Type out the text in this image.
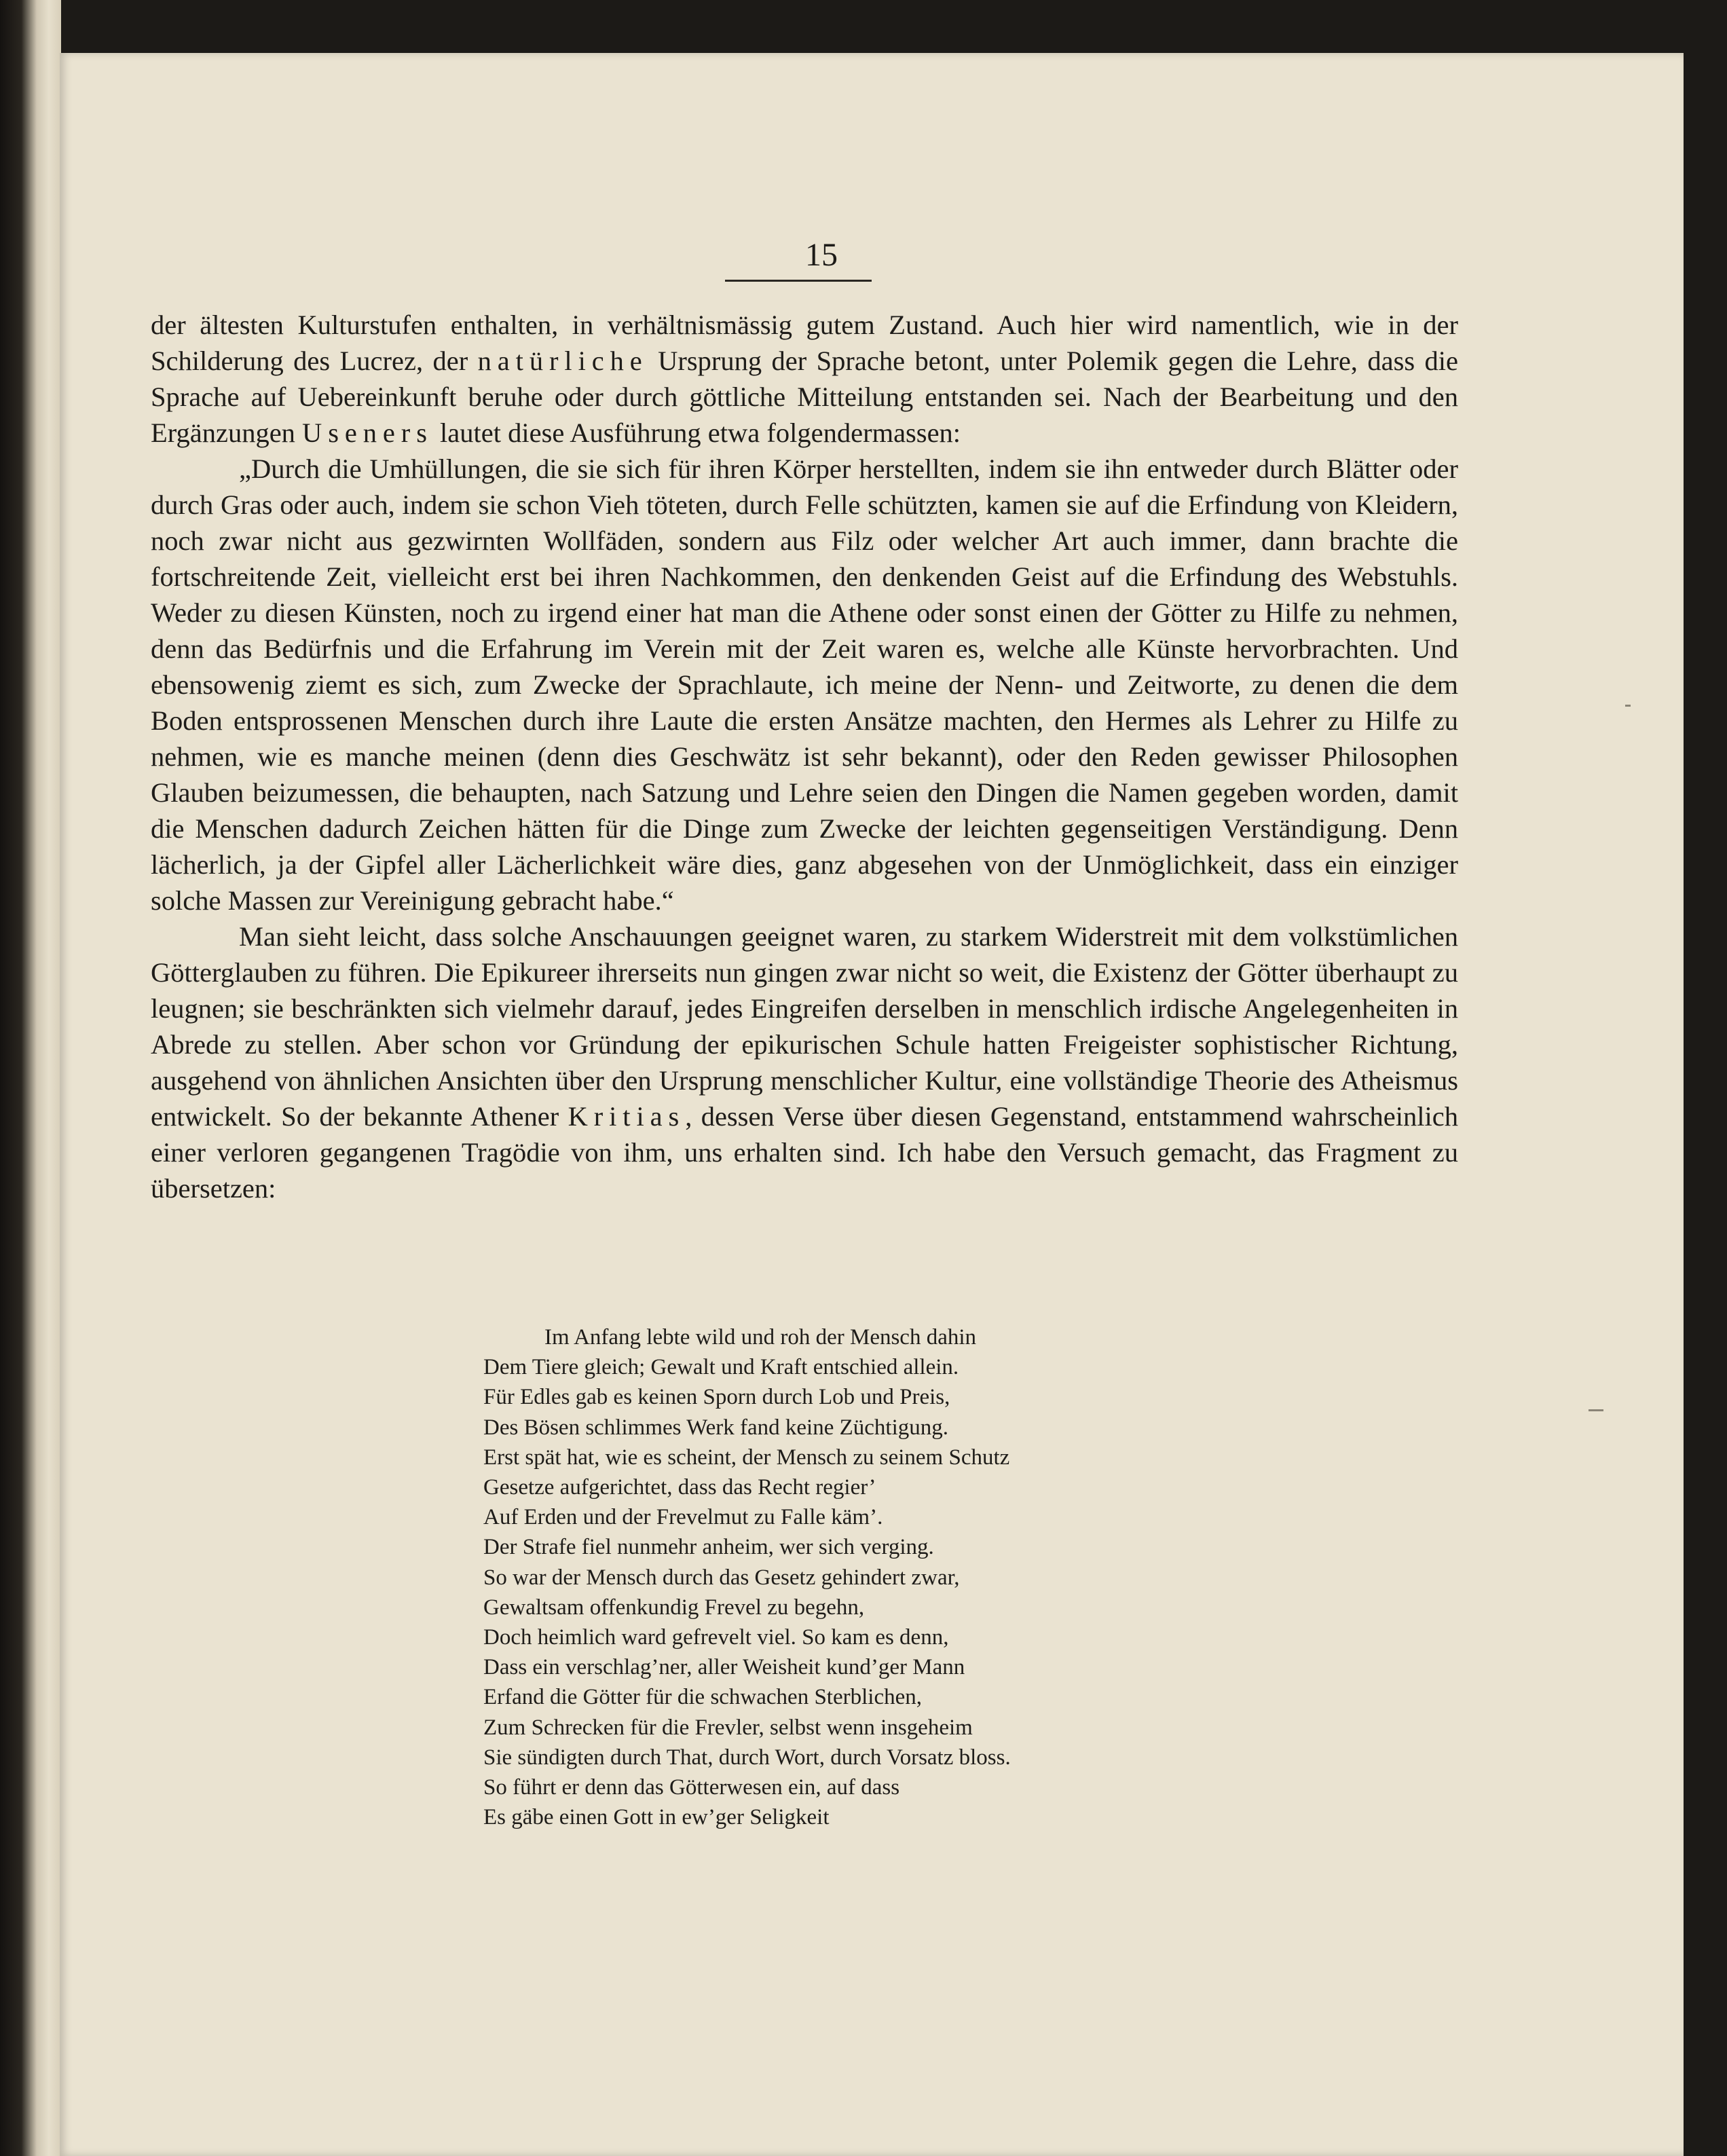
15

der ältesten Kulturstufen enthalten, in verhältnismässig gutem Zustand. Auch hier wird namentlich, wie in der Schilderung des Lucrez, der natürliche Ursprung der Sprache betont, unter Polemik gegen die Lehre, dass die Sprache auf Uebereinkunft beruhe oder durch göttliche Mitteilung entstanden sei. Nach der Bearbeitung und den Ergänzungen Useners lautet diese Ausführung etwa folgendermassen:

„Durch die Umhüllungen, die sie sich für ihren Körper herstellten, indem sie ihn entweder durch Blätter oder durch Gras oder auch, indem sie schon Vieh töteten, durch Felle schützten, kamen sie auf die Erfindung von Kleidern, noch zwar nicht aus gezwirnten Wollfäden, sondern aus Filz oder welcher Art auch immer, dann brachte die fortschreitende Zeit, vielleicht erst bei ihren Nachkommen, den denkenden Geist auf die Erfindung des Webstuhls. Weder zu diesen Künsten, noch zu irgend einer hat man die Athene oder sonst einen der Götter zu Hilfe zu nehmen, denn das Bedürfnis und die Erfahrung im Verein mit der Zeit waren es, welche alle Künste hervorbrachten. Und ebensowenig ziemt es sich, zum Zwecke der Sprachlaute, ich meine der Nenn- und Zeitworte, zu denen die dem Boden entsprossenen Menschen durch ihre Laute die ersten Ansätze machten, den Hermes als Lehrer zu Hilfe zu nehmen, wie es manche meinen (denn dies Geschwätz ist sehr bekannt), oder den Reden gewisser Philosophen Glauben beizumessen, die behaupten, nach Satzung und Lehre seien den Dingen die Namen gegeben worden, damit die Menschen dadurch Zeichen hätten für die Dinge zum Zwecke der leichten gegenseitigen Verständigung. Denn lächerlich, ja der Gipfel aller Lächerlichkeit wäre dies, ganz abgesehen von der Unmöglichkeit, dass ein einziger solche Massen zur Vereinigung gebracht habe.“

Man sieht leicht, dass solche Anschauungen geeignet waren, zu starkem Widerstreit mit dem volkstümlichen Götterglauben zu führen. Die Epikureer ihrerseits nun gingen zwar nicht so weit, die Existenz der Götter überhaupt zu leugnen; sie beschränkten sich vielmehr darauf, jedes Eingreifen derselben in menschlich irdische Angelegenheiten in Abrede zu stellen. Aber schon vor Gründung der epikurischen Schule hatten Freigeister sophistischer Richtung, ausgehend von ähnlichen Ansichten über den Ursprung menschlicher Kultur, eine vollständige Theorie des Atheismus entwickelt. So der bekannte Athener Kritias, dessen Verse über diesen Gegenstand, entstammend wahrscheinlich einer verloren gegangenen Tragödie von ihm, uns erhalten sind. Ich habe den Versuch gemacht, das Fragment zu übersetzen:

Im Anfang lebte wild und roh der Mensch dahin
Dem Tiere gleich; Gewalt und Kraft entschied allein.
Für Edles gab es keinen Sporn durch Lob und Preis,
Des Bösen schlimmes Werk fand keine Züchtigung.
Erst spät hat, wie es scheint, der Mensch zu seinem Schutz
Gesetze aufgerichtet, dass das Recht regier’
Auf Erden und der Frevelmut zu Falle käm’.
Der Strafe fiel nunmehr anheim, wer sich verging.
So war der Mensch durch das Gesetz gehindert zwar,
Gewaltsam offenkundig Frevel zu begehn,
Doch heimlich ward gefrevelt viel. So kam es denn,
Dass ein verschlag’ner, aller Weisheit kund’ger Mann
Erfand die Götter für die schwachen Sterblichen,
Zum Schrecken für die Frevler, selbst wenn insgeheim
Sie sündigten durch That, durch Wort, durch Vorsatz bloss.
So führt er denn das Götterwesen ein, auf dass
Es gäbe einen Gott in ew’ger Seligkeit
